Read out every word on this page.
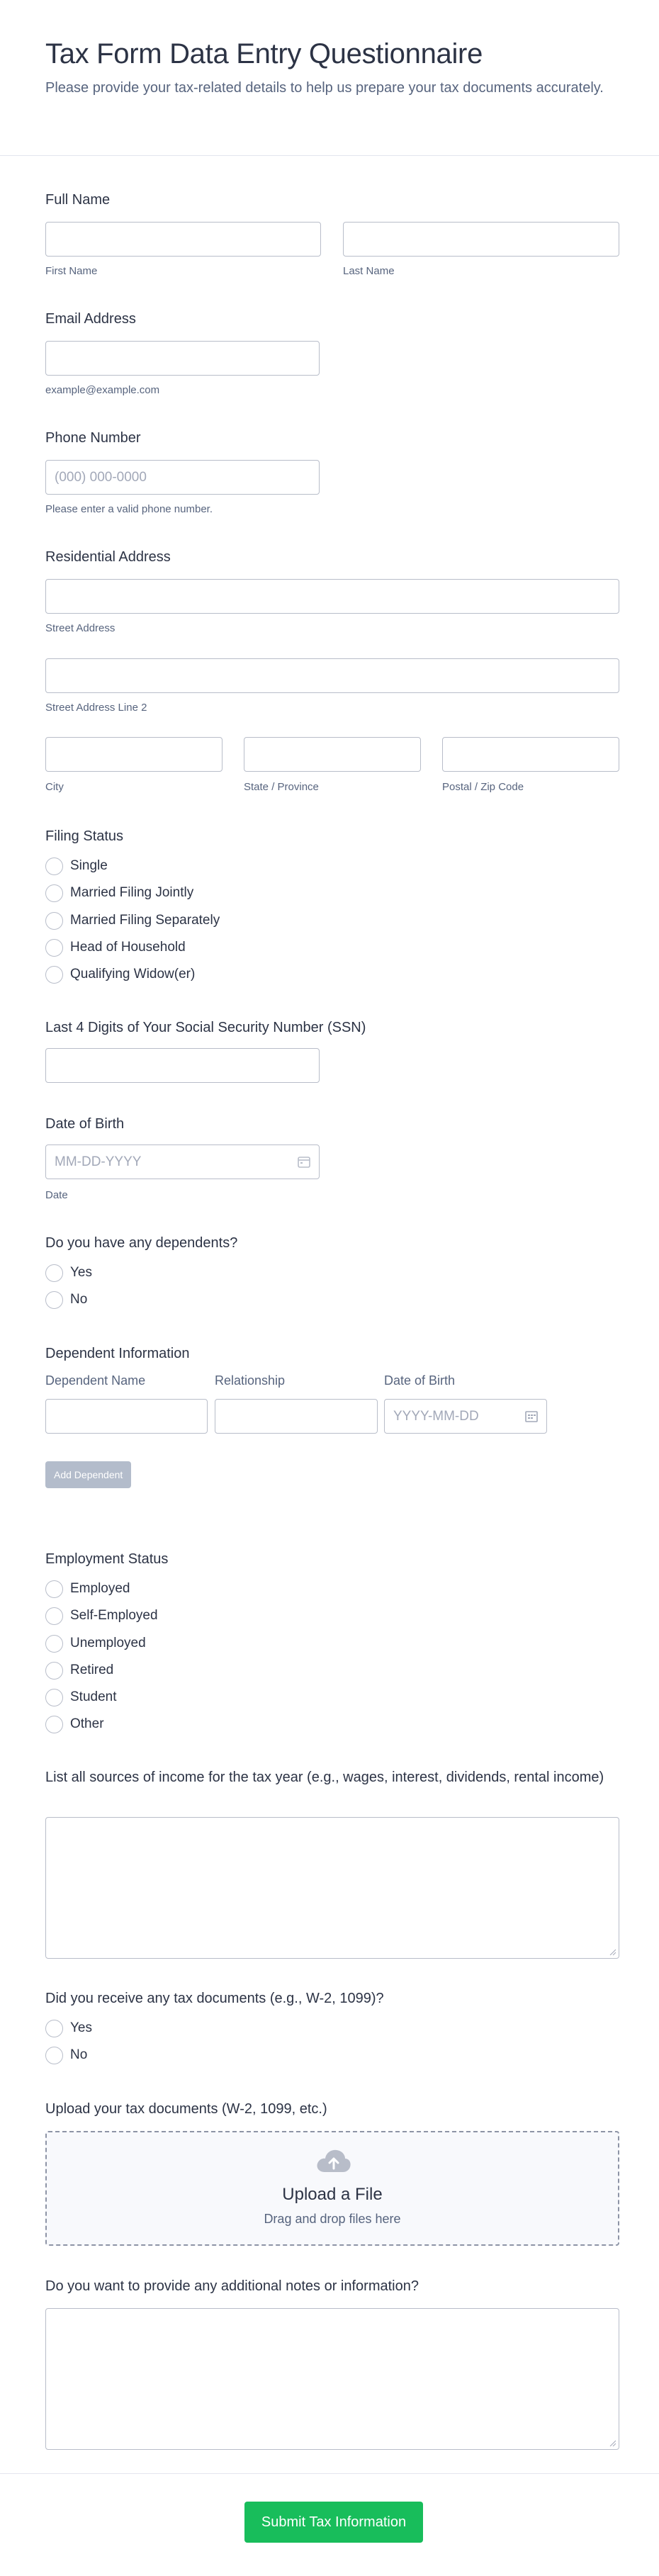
Tax Form Data Entry Questionnaire

Please provide your tax-related details to help us prepare your tax documents accurately.

Full Name
First Name	Last Name
Email Address
example@example.com
Phone Number
(000) 000-0000
Please enter a valid phone number.
Residential Address
Street Address
Street Address Line 2
City	State / Province	Postal / Zip Code
Filing Status
Single
Married Filing Jointly
Married Filing Separately
Head of Household
Qualifying Widow(er)
Last 4 Digits of Your Social Security Number (SSN)
Date of Birth
MM-DD-YYYY
Date
Do you have any dependents?
Yes
No
Dependent Information
Dependent Name	Relationship	Date of Birth
YYYY-MM-DD
Add Dependent
Employment Status
Employed
Self-Employed
Unemployed
Retired
Student
Other
List all sources of income for the tax year (e.g., wages, interest, dividends, rental income)
Did you receive any tax documents (e.g., W-2, 1099)?
Yes
No
Upload your tax documents (W-2, 1099, etc.)
Upload a File
Drag and drop files here
Do you want to provide any additional notes or information?
Submit Tax Information
